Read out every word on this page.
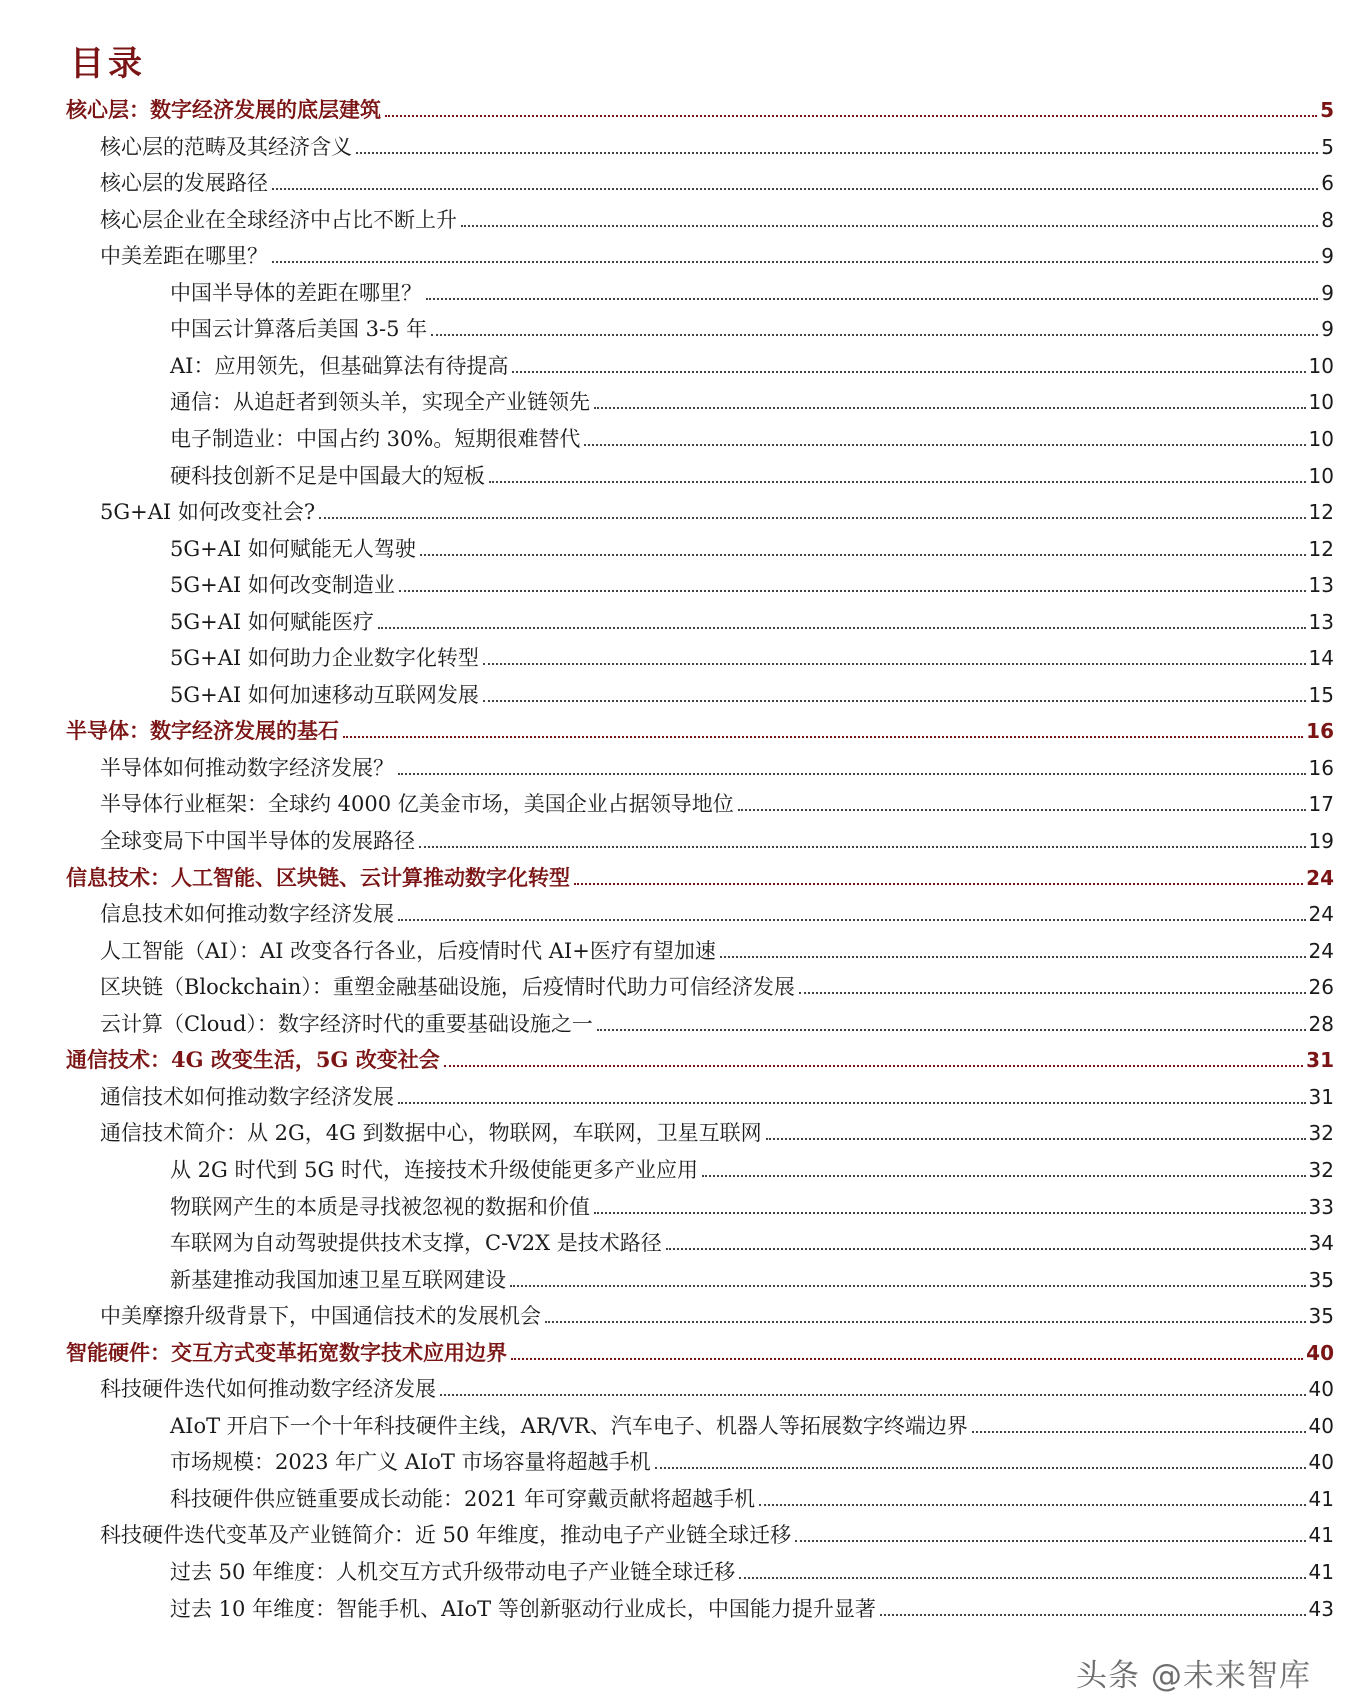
目录
核心层：数字经济发展的底层建筑	5
核心层的范畴及其经济含义	5
核心层的发展路径	6
核心层企业在全球经济中占比不断上升	8
中美差距在哪里？	9
中国半导体的差距在哪里？	9
中国云计算落后美国 3-5 年	9
AI：应用领先，但基础算法有待提高	10
通信：从追赶者到领头羊，实现全产业链领先	10
电子制造业：中国占约 30%。短期很难替代	10
硬科技创新不足是中国最大的短板	10
5G+AI 如何改变社会?	12
5G+AI 如何赋能无人驾驶	12
5G+AI 如何改变制造业	13
5G+AI 如何赋能医疗	13
5G+AI 如何助力企业数字化转型	14
5G+AI 如何加速移动互联网发展	15
半导体：数字经济发展的基石	16
半导体如何推动数字经济发展？	16
半导体行业框架：全球约 4000 亿美金市场，美国企业占据领导地位	17
全球变局下中国半导体的发展路径	19
信息技术：人工智能、区块链、云计算推动数字化转型	24
信息技术如何推动数字经济发展	24
人工智能（AI）：AI 改变各行各业，后疫情时代 AI+医疗有望加速	24
区块链（Blockchain）：重塑金融基础设施，后疫情时代助力可信经济发展	26
云计算（Cloud）：数字经济时代的重要基础设施之一	28
通信技术：4G 改变生活，5G 改变社会	31
通信技术如何推动数字经济发展	31
通信技术简介：从 2G，4G 到数据中心，物联网，车联网，卫星互联网	32
从 2G 时代到 5G 时代，连接技术升级使能更多产业应用	32
物联网产生的本质是寻找被忽视的数据和价值	33
车联网为自动驾驶提供技术支撑，C-V2X 是技术路径	34
新基建推动我国加速卫星互联网建设	35
中美摩擦升级背景下，中国通信技术的发展机会	35
智能硬件：交互方式变革拓宽数字技术应用边界	40
科技硬件迭代如何推动数字经济发展	40
AIoT 开启下一个十年科技硬件主线，AR/VR、汽车电子、机器人等拓展数字终端边界	40
市场规模：2023 年广义 AIoT 市场容量将超越手机	40
科技硬件供应链重要成长动能：2021 年可穿戴贡献将超越手机	41
科技硬件迭代变革及产业链简介：近 50 年维度，推动电子产业链全球迁移	41
过去 50 年维度：人机交互方式升级带动电子产业链全球迁移	41
过去 10 年维度：智能手机、AIoT 等创新驱动行业成长，中国能力提升显著	43
头条 @未来智库
